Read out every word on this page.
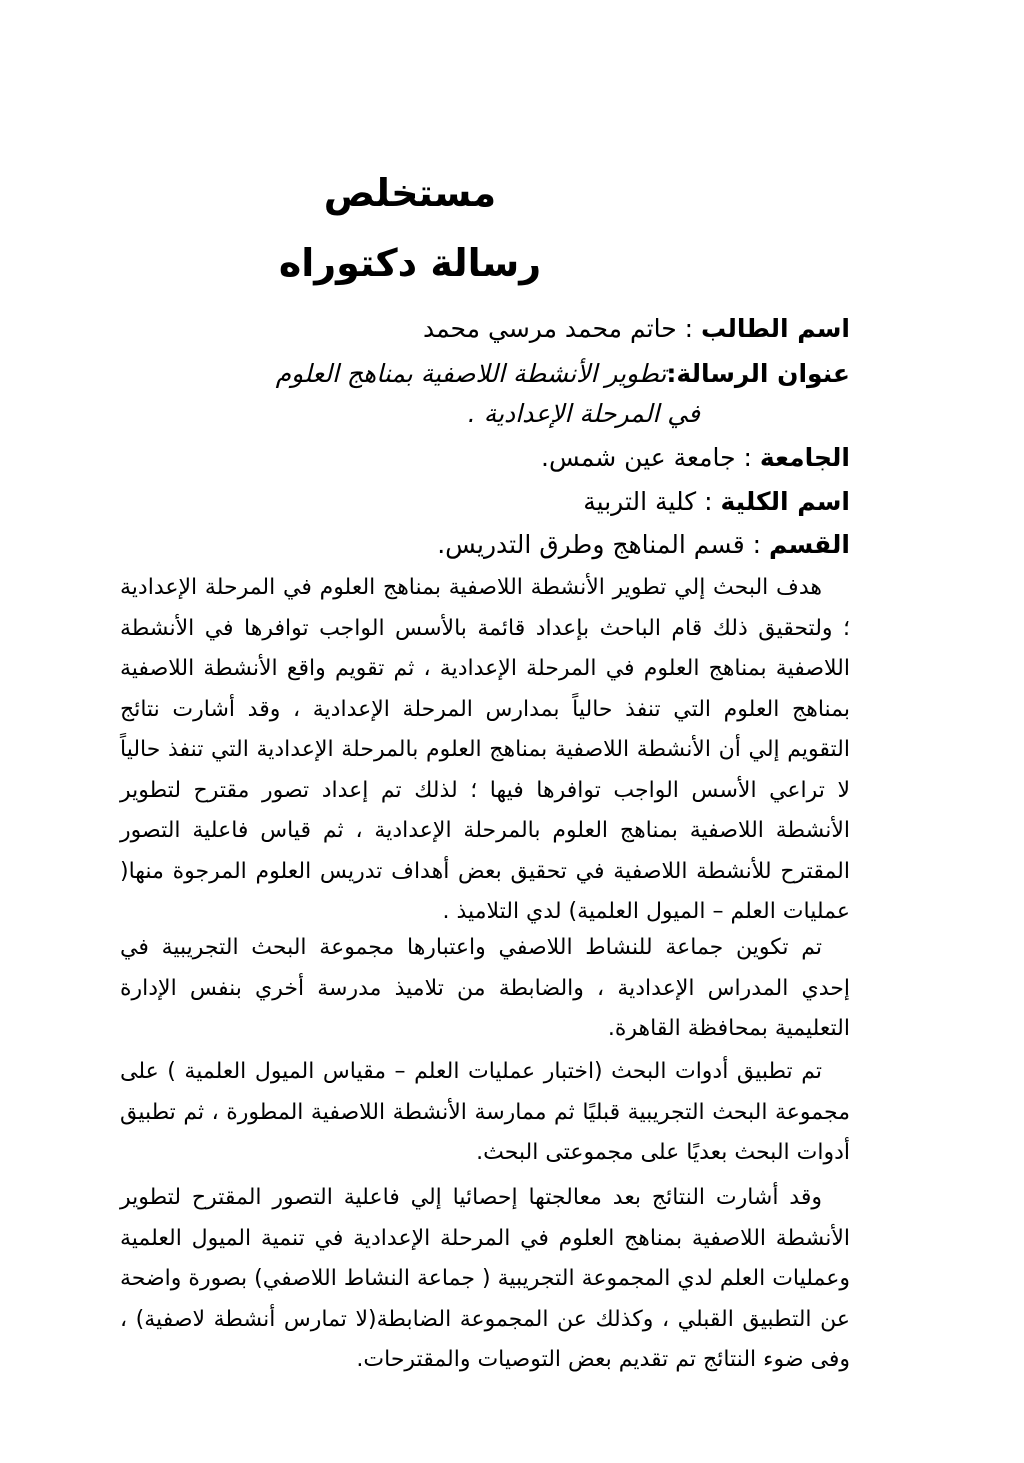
مستخلص
رسالة دكتوراه
اسم الطالب : حاتم محمد مرسي محمد
عنوان الرسالة:تطوير الأنشطة اللاصفية بمناهج العلوم
في المرحلة الإعدادية .
الجامعة : جامعة عين شمس.
اسم الكلية : كلية التربية
القسم : قسم المناهج وطرق التدريس.

هدف البحث إلي تطوير الأنشطة اللاصفية بمناهج العلوم في المرحلة الإعدادية ؛ ولتحقيق ذلك قام الباحث بإعداد قائمة بالأسس الواجب توافرها في الأنشطة اللاصفية بمناهج العلوم في المرحلة الإعدادية ، ثم تقويم واقع الأنشطة اللاصفية بمناهج العلوم التي تنفذ حالياً بمدارس المرحلة الإعدادية ، وقد أشارت نتائج التقويم إلي أن الأنشطة اللاصفية بمناهج العلوم بالمرحلة الإعدادية التي تنفذ حالياً لا تراعي الأسس الواجب توافرها فيها ؛ لذلك تم إعداد تصور مقترح لتطوير الأنشطة اللاصفية بمناهج العلوم بالمرحلة الإعدادية ، ثم قياس فاعلية التصور المقترح للأنشطة اللاصفية في تحقيق بعض أهداف تدريس العلوم المرجوة منها( عمليات العلم – الميول العلمية) لدي التلاميذ .

تم تكوين جماعة للنشاط اللاصفي واعتبارها مجموعة البحث التجريبية في إحدي المدراس الإعدادية ، والضابطة من تلاميذ مدرسة أخري بنفس الإدارة التعليمية بمحافظة القاهرة.

تم تطبيق أدوات البحث (اختبار عمليات العلم – مقياس الميول العلمية ) على مجموعة البحث التجريبية قبليًا ثم ممارسة الأنشطة اللاصفية المطورة ، ثم تطبيق أدوات البحث بعديًا على مجموعتى البحث.

وقد أشارت النتائج بعد معالجتها إحصائيا إلي فاعلية التصور المقترح لتطوير الأنشطة اللاصفية بمناهج العلوم في المرحلة الإعدادية في تنمية الميول العلمية وعمليات العلم لدي المجموعة التجريبية ( جماعة النشاط اللاصفي) بصورة واضحة عن التطبيق القبلي ، وكذلك عن المجموعة الضابطة(لا تمارس أنشطة لاصفية) ، وفى ضوء النتائج تم تقديم بعض التوصيات والمقترحات.
